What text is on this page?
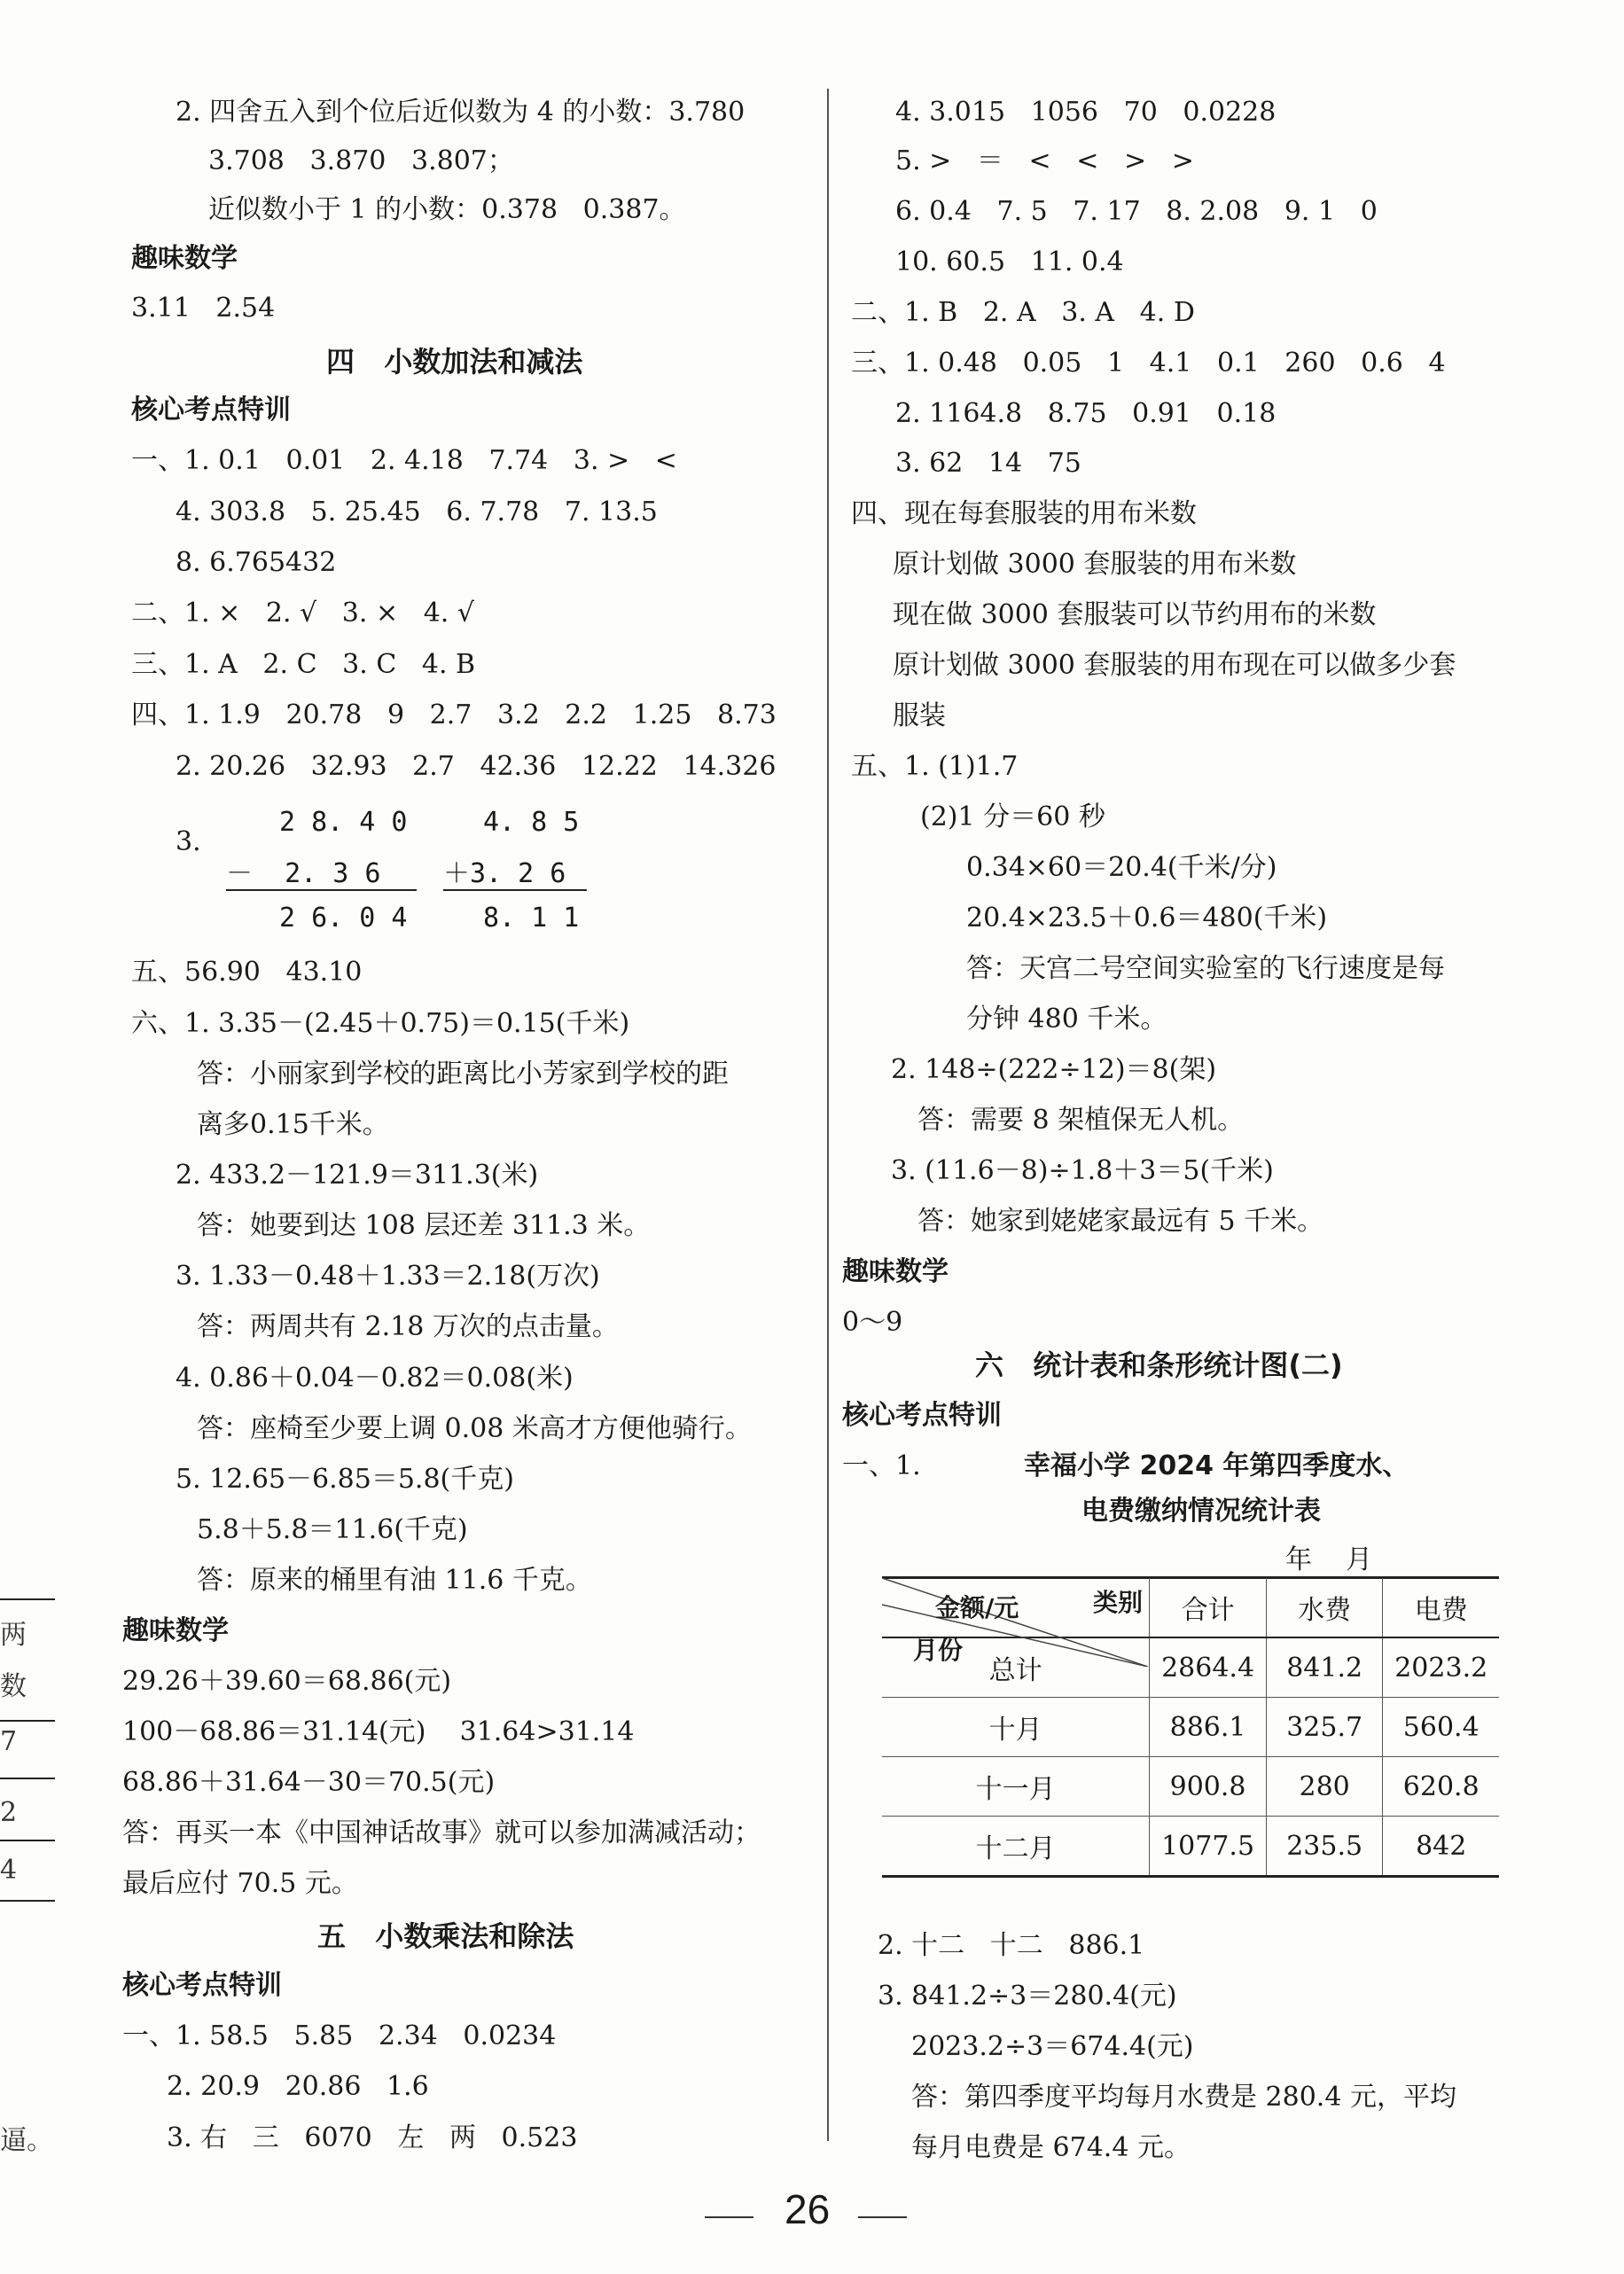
2. 四舍五入到个位后近似数为 4 的小数：3.780
3.708   3.870   3.807；
近似数小于 1 的小数：0.378   0.387。
趣味数学
3.11   2.54
四   小数加法和减法
核心考点特训
一、1. 0.1   0.01   2. 4.18   7.74   3. >   <
4. 303.8   5. 25.45   6. 7.78   7. 13.5
8. 6.765432
二、1. ×   2. √   3. ×   4. √
三、1. A   2. C   3. C   4. B
四、1. 1.9   20.78   9   2.7   3.2   2.2   1.25   8.73
2. 20.26   32.93   2.7   42.36   12.22   14.326
3.
2 8. 4 0
－  2. 3 6
2 6. 0 4
4. 8 5
＋3. 2 6
8. 1 1
五、56.90   43.10
六、1. 3.35－(2.45＋0.75)＝0.15(千米)
答：小丽家到学校的距离比小芳家到学校的距
离多0.15千米。
2. 433.2－121.9＝311.3(米)
答：她要到达 108 层还差 311.3 米。
3. 1.33－0.48＋1.33＝2.18(万次)
答：两周共有 2.18 万次的点击量。
4. 0.86＋0.04－0.82＝0.08(米)
答：座椅至少要上调 0.08 米高才方便他骑行。
5. 12.65－6.85＝5.8(千克)
5.8＋5.8＝11.6(千克)
答：原来的桶里有油 11.6 千克。
趣味数学
29.26＋39.60＝68.86(元)
100－68.86＝31.14(元)    31.64>31.14
68.86＋31.64－30＝70.5(元)
答：再买一本《中国神话故事》就可以参加满减活动；
最后应付 70.5 元。
五   小数乘法和除法
核心考点特训
一、1. 58.5   5.85   2.34   0.0234
2. 20.9   20.86   1.6
3. 右   三   6070   左   两   0.523
两
数
7
2
4
逼。
4. 3.015   1056   70   0.0228
5. >   ＝   <   <   >   >
6. 0.4   7. 5   7. 17   8. 2.08   9. 1   0
10. 60.5   11. 0.4
二、1. B   2. A   3. A   4. D
三、1. 0.48   0.05   1   4.1   0.1   260   0.6   4
2. 1164.8   8.75   0.91   0.18
3. 62   14   75
四、现在每套服装的用布米数
原计划做 3000 套服装的用布米数
现在做 3000 套服装可以节约用布的米数
原计划做 3000 套服装的用布现在可以做多少套
服装
五、1. (1)1.7
(2)1 分＝60 秒
0.34×60＝20.4(千米/分)
20.4×23.5＋0.6＝480(千米)
答：天宫二号空间实验室的飞行速度是每
分钟 480 千米。
2. 148÷(222÷12)＝8(架)
答：需要 8 架植保无人机。
3. (11.6－8)÷1.8＋3＝5(千米)
答：她家到姥姥家最远有 5 千米。
趣味数学
0～9
六   统计表和条形统计图(二)
核心考点特训
一、1.	幸福小学 2024 年第四季度水、
电费缴纳情况统计表
年    月
金额/元 类别
月份	合计	水费	电费
总计	2864.4	841.2	2023.2
十月	886.1	325.7	560.4
十一月	900.8	280	620.8
十二月	1077.5	235.5	842
2. 十二   十二   886.1
3. 841.2÷3＝280.4(元)
2023.2÷3＝674.4(元)
答：第四季度平均每月水费是 280.4 元，平均
每月电费是 674.4 元。
26
